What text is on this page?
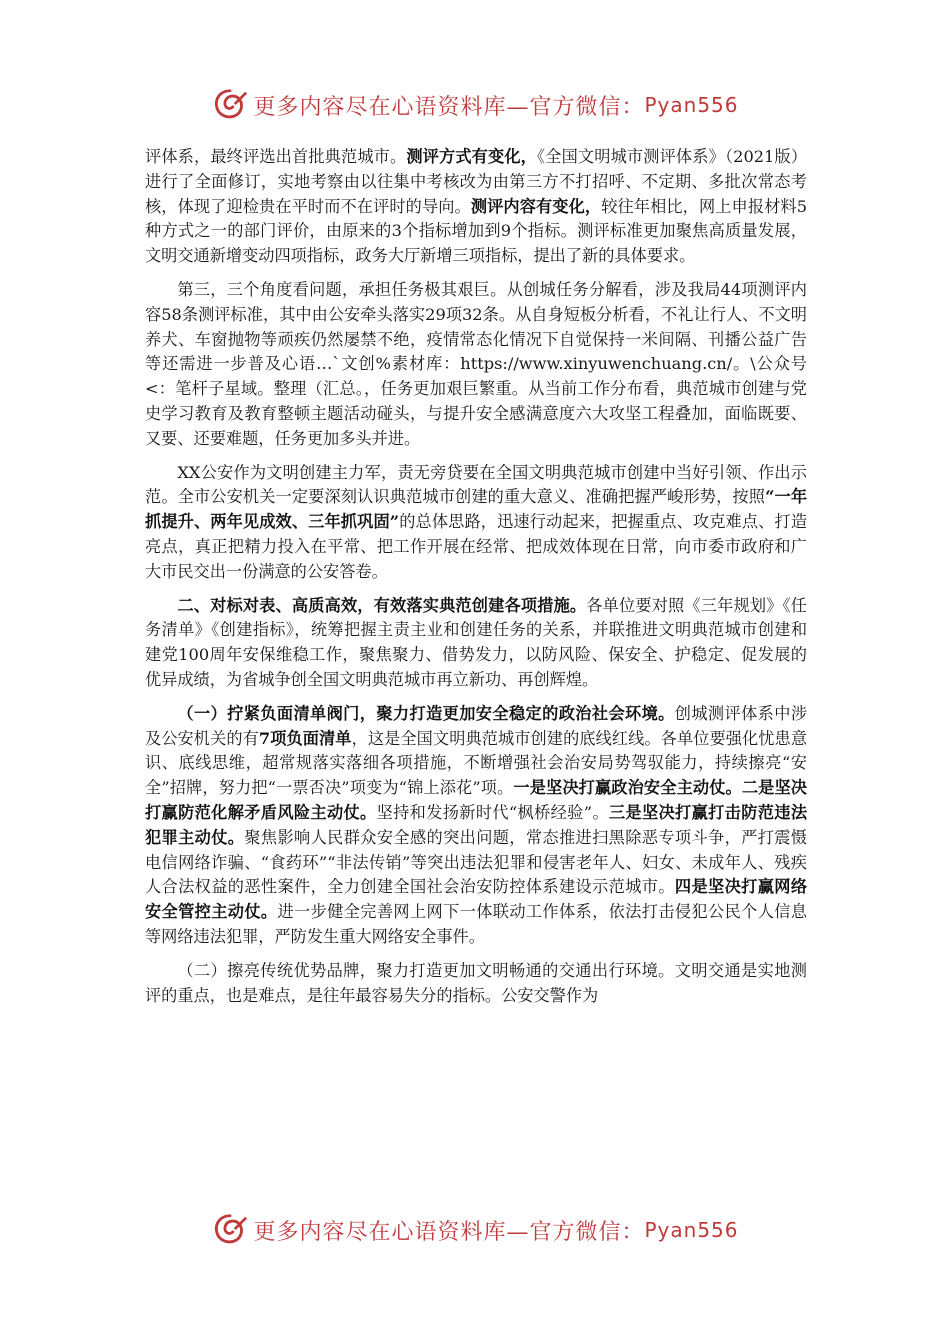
更多内容尽在心语资料库—官方微信： Pyan556

评体系，最终评选出首批典范城市。测评方式有变化，《全国文明城市测评体系》（2021版）进行了全面修订，实地考察由以往集中考核改为由第三方不打招呼、不定期、多批次常态考核，体现了迎检贵在平时而不在评时的导向。测评内容有变化，较往年相比，网上申报材料5种方式之一的部门评价，由原来的3个指标增加到9个指标。测评标准更加聚焦高质量发展，文明交通新增变动四项指标，政务大厅新增三项指标，提出了新的具体要求。

第三，三个角度看问题，承担任务极其艰巨。从创城任务分解看，涉及我局44项测评内容58条测评标准，其中由公安牵头落实29项32条。从自身短板分析看，不礼让行人、不文明养犬、车窗抛物等顽疾仍然屡禁不绝，疫情常态化情况下自觉保持一米间隔、刊播公益广告等还需进一步普及心语…`文创%素材库：https://www.xinyuwenchuang.cn/。\公众号<：笔杆子星域。整理（汇总。，任务更加艰巨繁重。从当前工作分布看，典范城市创建与党史学习教育及教育整顿主题活动碰头，与提升安全感满意度六大攻坚工程叠加，面临既要、又要、还要难题，任务更加多头并进。

XX公安作为文明创建主力军，责无旁贷要在全国文明典范城市创建中当好引领、作出示范。全市公安机关一定要深刻认识典范城市创建的重大意义、准确把握严峻形势，按照“一年抓提升、两年见成效、三年抓巩固”的总体思路，迅速行动起来，把握重点、攻克难点、打造亮点，真正把精力投入在平常、把工作开展在经常、把成效体现在日常，向市委市政府和广大市民交出一份满意的公安答卷。

二、对标对表、高质高效，有效落实典范创建各项措施。各单位要对照《三年规划》《任务清单》《创建指标》，统筹把握主责主业和创建任务的关系，并联推进文明典范城市创建和建党100周年安保维稳工作，聚焦聚力、借势发力，以防风险、保安全、护稳定、促发展的优异成绩，为省城争创全国文明典范城市再立新功、再创辉煌。

（一）拧紧负面清单阀门，聚力打造更加安全稳定的政治社会环境。创城测评体系中涉及公安机关的有7项负面清单，这是全国文明典范城市创建的底线红线。各单位要强化忧患意识、底线思维，超常规落实落细各项措施，不断增强社会治安局势驾驭能力，持续擦亮“安全”招牌，努力把“一票否决”项变为“锦上添花”项。一是坚决打赢政治安全主动仗。二是坚决打赢防范化解矛盾风险主动仗。坚持和发扬新时代“枫桥经验”。三是坚决打赢打击防范违法犯罪主动仗。聚焦影响人民群众安全感的突出问题，常态推进扫黑除恶专项斗争，严打震慑电信网络诈骗、“食药环”“非法传销”等突出违法犯罪和侵害老年人、妇女、未成年人、残疾人合法权益的恶性案件，全力创建全国社会治安防控体系建设示范城市。四是坚决打赢网络安全管控主动仗。进一步健全完善网上网下一体联动工作体系，依法打击侵犯公民个人信息等网络违法犯罪，严防发生重大网络安全事件。

（二）擦亮传统优势品牌，聚力打造更加文明畅通的交通出行环境。文明交通是实地测评的重点，也是难点，是往年最容易失分的指标。公安交警作为

更多内容尽在心语资料库—官方微信： Pyan556
